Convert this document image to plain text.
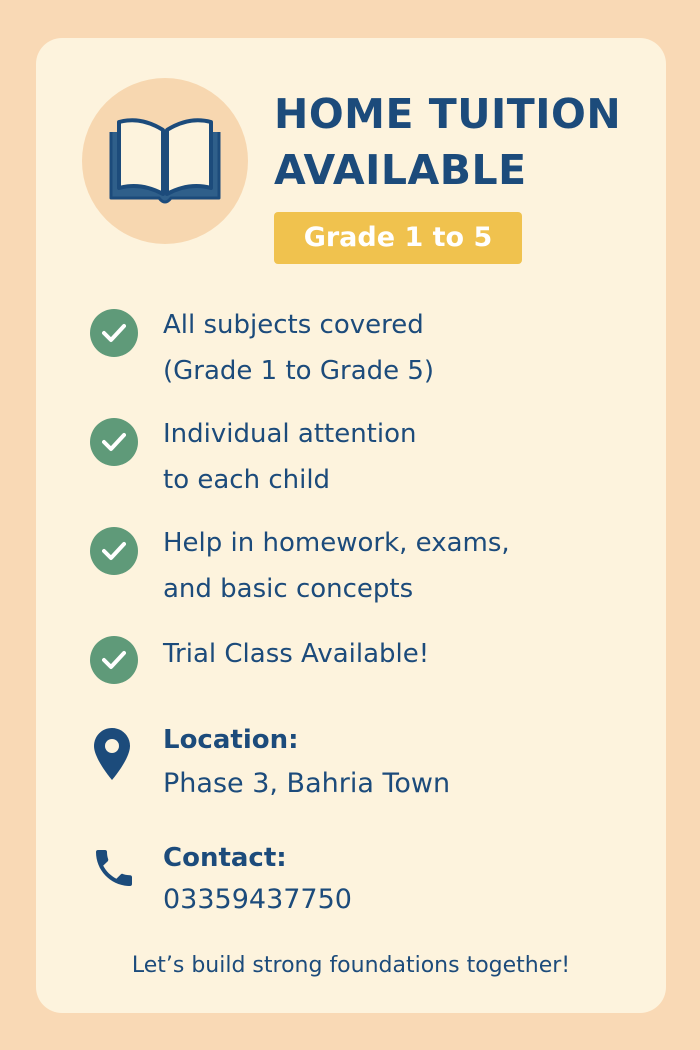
HOME TUITION
AVAILABLE
Grade 1 to 5
All subjects covered
(Grade 1 to Grade 5)
Individual attention
to each child
Help in homework, exams,
and basic concepts
Trial Class Available!
Location:
Phase 3, Bahria Town
Contact:
03359437750
Let’s build strong foundations together!
